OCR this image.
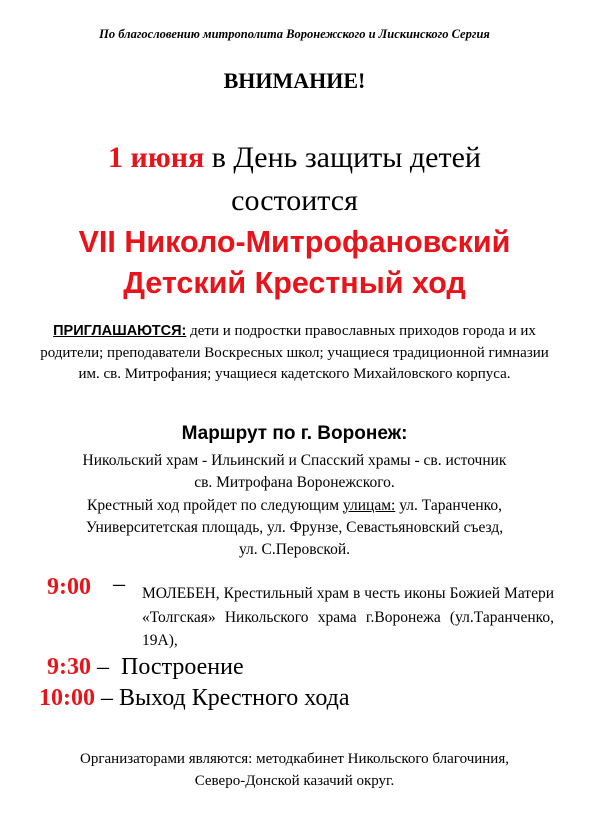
По благословению митрополита Воронежского и Лискинского Сергия
ВНИМАНИЕ!
1 июня в День защиты детей
состоится
VII Николо-Митрофановский
Детский Крестный ход
ПРИГЛАШАЮТСЯ: дети и подростки православных приходов города и их родители; преподаватели Воскресных школ; учащиеся традиционной гимназии им. св. Митрофания; учащиеся кадетского Михайловского корпуса.
Маршрут по г. Воронеж:
Никольский храм - Ильинский и Спасский храмы - св. источник
св. Митрофана Воронежского.
Крестный ход пройдет по следующим улицам: ул. Таранченко,
Университетская площадь, ул. Фрунзе, Севастьяновский съезд,
ул. С.Перовской.
9:00 – МОЛЕБЕН, Крестильный храм в честь иконы Божией Матери «Толгская» Никольского храма г.Воронежа (ул.Таранченко, 19А),
9:30 –  Построение
10:00 – Выход Крестного хода
Организаторами являются: методкабинет Никольского благочиния,
Северо-Донской казачий округ.
